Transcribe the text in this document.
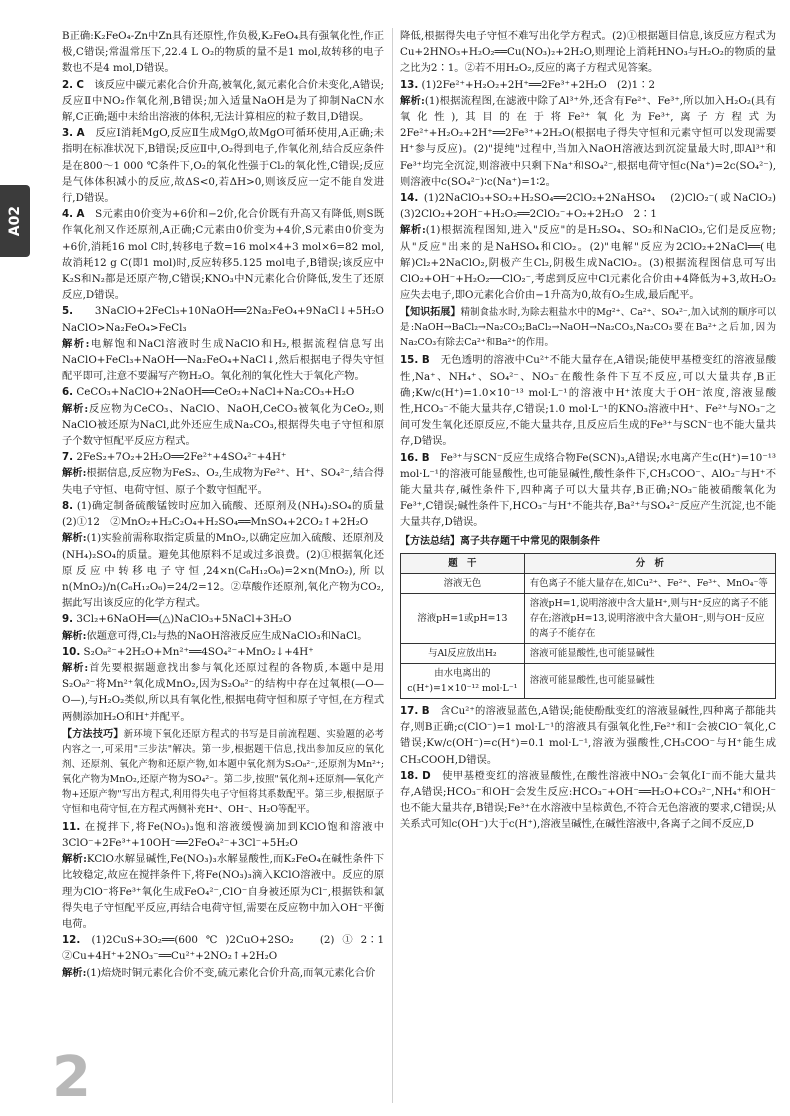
A02

B正确:K₂FeO₄-Zn中Zn具有还原性,作负极,K₂FeO₄具有强氧化性,作正极,C错误;常温常压下,22.4 L O₂的物质的量不是1 mol,故转移的电子数也不是4 mol,D错误。

2. C　 该反应中碳元素化合价升高,被氧化,氮元素化合价未变化,A错误;反应Ⅱ中NO₂作氧化剂,B错误;加入适量NaOH是为了抑制NaCN水解,C正确;题中未给出溶液的体积,无法计算相应的粒子数目,D错误。

3. A　 反应Ⅰ消耗MgO,反应Ⅱ生成MgO,故MgO可循环使用,A正确;未指明在标准状况下,B错误;反应Ⅱ中,O₂得到电子,作氧化剂,结合反应条件是在800～1 000 ℃条件下,O₂的氧化性强于Cl₂的氧化性,C错误;反应是气体体积减小的反应,故ΔS<0,若ΔH>0,则该反应一定不能自发进行,D错误。

4. A　 S元素由0价变为+6价和−2价,化合价既有升高又有降低,则S既作氧化剂又作还原剂,A正确;C元素由0价变为+4价,S元素由0价变为+6价,消耗16 mol C时,转移电子数=16 mol×4+3 mol×6=82 mol,故消耗12 g C(即1 mol)时,反应转移5.125 mol电子,B错误;该反应中K₂S和N₂都是还原产物,C错误;KNO₃中N元素化合价降低,发生了还原反应,D错误。

5. 3NaClO+2FeCl₃+10NaOH══2Na₂FeO₄+9NaCl↓+5H₂O　NaClO>Na₂FeO₄>FeCl₃

解析:电解饱和NaCl溶液时生成NaClO和H₂,根据流程信息写出NaClO+FeCl₃+NaOH──Na₂FeO₄+NaCl↓,然后根据电子得失守恒配平即可,注意不要漏写产物H₂O。氧化剂的氧化性大于氧化产物。

6. CeCO₃+NaClO+2NaOH══CeO₂+NaCl+Na₂CO₃+H₂O

解析:反应物为CeCO₃、NaClO、NaOH,CeCO₃被氧化为CeO₂,则NaClO被还原为NaCl,此外还应生成Na₂CO₃,根据得失电子守恒和原子个数守恒配平反应方程式。

7. 2FeS₂+7O₂+2H₂O══2Fe²⁺+4SO₄²⁻+4H⁺

解析:根据信息,反应物为FeS₂、O₂,生成物为Fe²⁺、H⁺、SO₄²⁻,结合得失电子守恒、电荷守恒、原子个数守恒配平。

8. (1)确定制备硫酸锰铵时应加入硫酸、还原剂及(NH₄)₂SO₄的质量　(2)①12　②MnO₂+H₂C₂O₄+H₂SO₄══MnSO₄+2CO₂↑+2H₂O

解析:(1)实验前需称取指定质量的MnO₂,以确定应加入硫酸、还原剂及(NH₄)₂SO₄的质量。避免其他原料不足或过多浪费。(2)①根据氧化还原反应中转移电子守恒,24×n(C₆H₁₂O₆)=2×n(MnO₂),所以n(MnO₂)/n(C₆H₁₂O₆)=24/2=12。②草酸作还原剂,氧化产物为CO₂,据此写出该反应的化学方程式。

9. 3Cl₂+6NaOH══(△)NaClO₃+5NaCl+3H₂O

解析:依题意可得,Cl₂与热的NaOH溶液反应生成NaClO₃和NaCl。

10. S₂O₈²⁻+2H₂O+Mn²⁺══4SO₄²⁻+MnO₂↓+4H⁺

解析:首先要根据题意找出参与氧化还原过程的各物质,本题中是用S₂O₈²⁻将Mn²⁺氧化成MnO₂,因为S₂O₈²⁻的结构中存在过氧根(—O—O—),与H₂O₂类似,所以具有氧化性,根据电荷守恒和原子守恒,在方程式两侧添加H₂O和H⁺并配平。

【方法技巧】新环境下氧化还原方程式的书写是目前流程题、实验题的必考内容之一,可采用"三步法"解决。第一步,根据题干信息,找出参加反应的氧化剂、还原剂、氧化产物和还原产物,如本题中氧化剂为S₂O₈²⁻,还原剂为Mn²⁺;氧化产物为MnO₂,还原产物为SO₄²⁻。第二步,按照"氧化剂+还原剂──氧化产物+还原产物"写出方程式,利用得失电子守恒将其系数配平。第三步,根据原子守恒和电荷守恒,在方程式两侧补充H⁺、OH⁻、H₂O等配平。

11. 在搅拌下,将Fe(NO₃)₃饱和溶液缓慢滴加到KClO饱和溶液中　3ClO⁻+2Fe³⁺+10OH⁻══2FeO₄²⁻+3Cl⁻+5H₂O

解析:KClO水解显碱性,Fe(NO₃)₃水解显酸性,而K₂FeO₄在碱性条件下比较稳定,故应在搅拌条件下,将Fe(NO₃)₃滴入KClO溶液中。反应的原理为ClO⁻将Fe³⁺氧化生成FeO₄²⁻,ClO⁻自身被还原为Cl⁻,根据铁和氯得失电子守恒配平反应,再结合电荷守恒,需要在反应物中加入OH⁻平衡电荷。

12. (1)2CuS+3O₂══(600℃)2CuO+2SO₂　(2)①2∶1　②Cu+4H⁺+2NO₃⁻══Cu²⁺+2NO₂↑+2H₂O

解析:(1)焙烧时铜元素化合价不变,硫元素化合价升高,而氧元素化合价

降低,根据得失电子守恒不难写出化学方程式。(2)①根据题目信息,该反应方程式为Cu+2HNO₃+H₂O₂══Cu(NO₃)₂+2H₂O,则理论上消耗HNO₃与H₂O₂的物质的量之比为2∶1。②若不用H₂O₂,反应的离子方程式见答案。

13. (1)2Fe²⁺+H₂O₂+2H⁺══2Fe³⁺+2H₂O　(2)1∶2

解析:(1)根据流程图,在滤液中除了Al³⁺外,还含有Fe²⁺、Fe³⁺,所以加入H₂O₂(具有氧化性),其目的在于将Fe²⁺氧化为Fe³⁺,离子方程式为2Fe²⁺+H₂O₂+2H⁺══2Fe³⁺+2H₂O(根据电子得失守恒和元素守恒可以发现需要H⁺参与反应)。(2)"提纯"过程中,当加入NaOH溶液达到沉淀量最大时,即Al³⁺和Fe³⁺均完全沉淀,则溶液中只剩下Na⁺和SO₄²⁻,根据电荷守恒c(Na⁺)=2c(SO₄²⁻),则溶液中c(SO₄²⁻)∶c(Na⁺)=1∶2。

14. (1)2NaClO₃+SO₂+H₂SO₄══2ClO₂+2NaHSO₄　(2)ClO₂⁻(或NaClO₂)　(3)2ClO₂+2OH⁻+H₂O₂══2ClO₂⁻+O₂+2H₂O　2∶1

解析:(1)根据流程图知,进入"反应"的是H₂SO₄、SO₂和NaClO₃,它们是反应物;从"反应"出来的是NaHSO₄和ClO₂。(2)"电解"反应为2ClO₂+2NaCl══(电解)Cl₂+2NaClO₂,阴极产生Cl₂,阴极生成NaClO₂。(3)根据流程图信息可写出ClO₂+OH⁻+H₂O₂──ClO₂⁻,考虑到反应中Cl元素化合价由+4降低为+3,故H₂O₂应失去电子,即O元素化合价由−1升高为0,故有O₂生成,最后配平。

【知识拓展】精制食盐水时,为除去粗盐水中的Mg²⁺、Ca²⁺、SO₄²⁻,加入试剂的顺序可以是:NaOH→BaCl₂→Na₂CO₃;BaCl₂→NaOH→Na₂CO₃,Na₂CO₃要在Ba²⁺之后加,因为Na₂CO₃有除去Ca²⁺和Ba²⁺的作用。

15. B　 无色透明的溶液中Cu²⁺不能大量存在,A错误;能使甲基橙变红的溶液显酸性,Na⁺、NH₄⁺、SO₄²⁻、NO₃⁻在酸性条件下互不反应,可以大量共存,B正确;Kw/c(H⁺)=1.0×10⁻¹³ mol·L⁻¹的溶液中H⁺浓度大于OH⁻浓度,溶液显酸性,HCO₃⁻不能大量共存,C错误;1.0 mol·L⁻¹的KNO₃溶液中H⁺、Fe²⁺与NO₃⁻之间可发生氧化还原反应,不能大量共存,且反应后生成的Fe³⁺与SCN⁻也不能大量共存,D错误。

16. B　 Fe³⁺与SCN⁻反应生成络合物Fe(SCN)₃,A错误;水电离产生c(H⁺)=10⁻¹³ mol·L⁻¹的溶液可能显酸性,也可能显碱性,酸性条件下,CH₃COO⁻、AlO₂⁻与H⁺不能大量共存,碱性条件下,四种离子可以大量共存,B正确;NO₃⁻能被硝酸氧化为Fe³⁺,C错误;碱性条件下,HCO₃⁻与H⁺不能共存,Ba²⁺与SO₄²⁻反应产生沉淀,也不能大量共存,D错误。

【方法总结】离子共存题干中常见的限制条件
题　干	分　析
溶液无色	有色离子不能大量存在,如Cu²⁺、Fe²⁺、Fe³⁺、MnO₄⁻等
溶液pH=1或pH=13	溶液pH=1,说明溶液中含大量H⁺,则与H⁺反应的离子不能存在;溶液pH=13,说明溶液中含大量OH⁻,则与OH⁻反应的离子不能存在
与Al反应放出H₂	溶液可能显酸性,也可能显碱性
由水电离出的c(H⁺)=1×10⁻¹² mol·L⁻¹	溶液可能显酸性,也可能显碱性

17. B　 含Cu²⁺的溶液显蓝色,A错误;能使酚酞变红的溶液显碱性,四种离子都能共存,则B正确;c(ClO⁻)=1 mol·L⁻¹的溶液具有强氧化性,Fe²⁺和I⁻会被ClO⁻氧化,C错误;Kw/c(OH⁻)=c(H⁺)=0.1 mol·L⁻¹,溶液为强酸性,CH₃COO⁻与H⁺能生成CH₃COOH,D错误。

18. D　 使甲基橙变红的溶液显酸性,在酸性溶液中NO₃⁻会氧化I⁻而不能大量共存,A错误;HCO₃⁻和OH⁻会发生反应:HCO₃⁻+OH⁻══H₂O+CO₃²⁻,NH₄⁺和OH⁻也不能大量共存,B错误;Fe³⁺在水溶液中呈棕黄色,不符合无色溶液的要求,C错误;从关系式可知c(OH⁻)大于c(H⁺),溶液呈碱性,在碱性溶液中,各离子之间不反应,D

2
